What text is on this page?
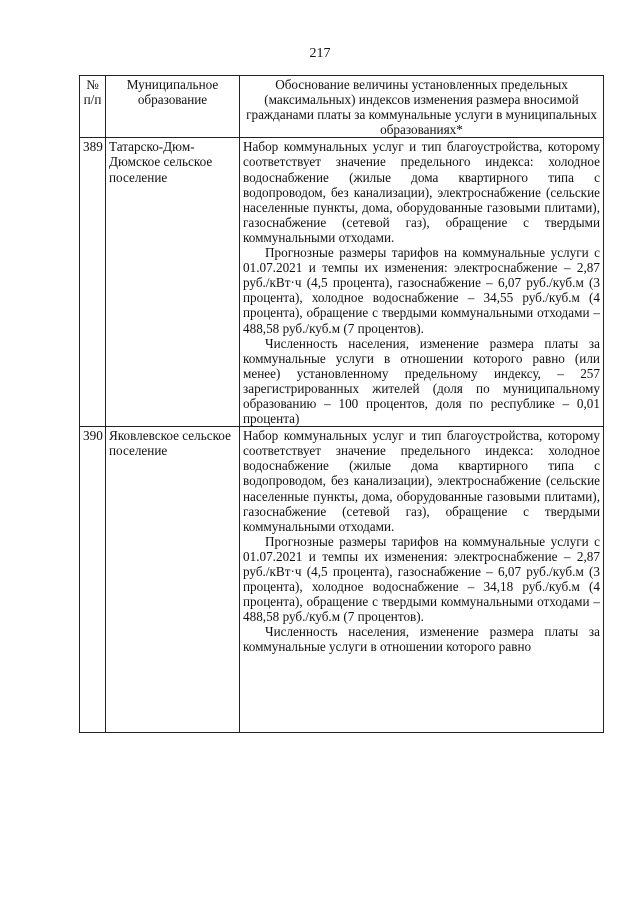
217
№ п/п	Муниципальное образование	Обоснование величины установленных предельных (максимальных) индексов изменения размера вносимой гражданами платы за коммунальные услуги в муниципальных образованиях*
389	Татарско-Дюм-Дюмское сельское поселение	Набор коммунальных услуг и тип благоустройства, которому соответствует значение предельного индекса: холодное водоснабжение (жилые дома квартирного типа с водопроводом, без канализации), электроснабжение (сельские населенные пункты, дома, оборудованные газовыми плитами), газоснабжение (сетевой газ), обращение с твердыми коммунальными отходами.

Прогнозные размеры тарифов на коммунальные услуги с 01.07.2021 и темпы их изменения: электроснабжение – 2,87 руб./кВт·ч (4,5 процента), газоснабжение – 6,07 руб./куб.м (3 процента), холодное водоснабжение – 34,55 руб./куб.м (4 процента), обращение с твердыми коммунальными отходами – 488,58 руб./куб.м (7 процентов).

Численность населения, изменение размера платы за коммунальные услуги в отношении которого равно (или менее) установленному предельному индексу, – 257 зарегистрированных жителей (доля по муниципальному образованию – 100 процентов, доля по республике – 0,01 процента)

390	Яковлевское сельское поселение	Набор коммунальных услуг и тип благоустройства, которому соответствует значение предельного индекса: холодное водоснабжение (жилые дома квартирного типа с водопроводом, без канализации), электроснабжение (сельские населенные пункты, дома, оборудованные газовыми плитами), газоснабжение (сетевой газ), обращение с твердыми коммунальными отходами.

Прогнозные размеры тарифов на коммунальные услуги с 01.07.2021 и темпы их изменения: электроснабжение – 2,87 руб./кВт·ч (4,5 процента), газоснабжение – 6,07 руб./куб.м (3 процента), холодное водоснабжение – 34,18 руб./куб.м (4 процента), обращение с твердыми коммунальными отходами – 488,58 руб./куб.м (7 процентов).

Численность населения, изменение размера платы за коммунальные услуги в отношении которого равно
